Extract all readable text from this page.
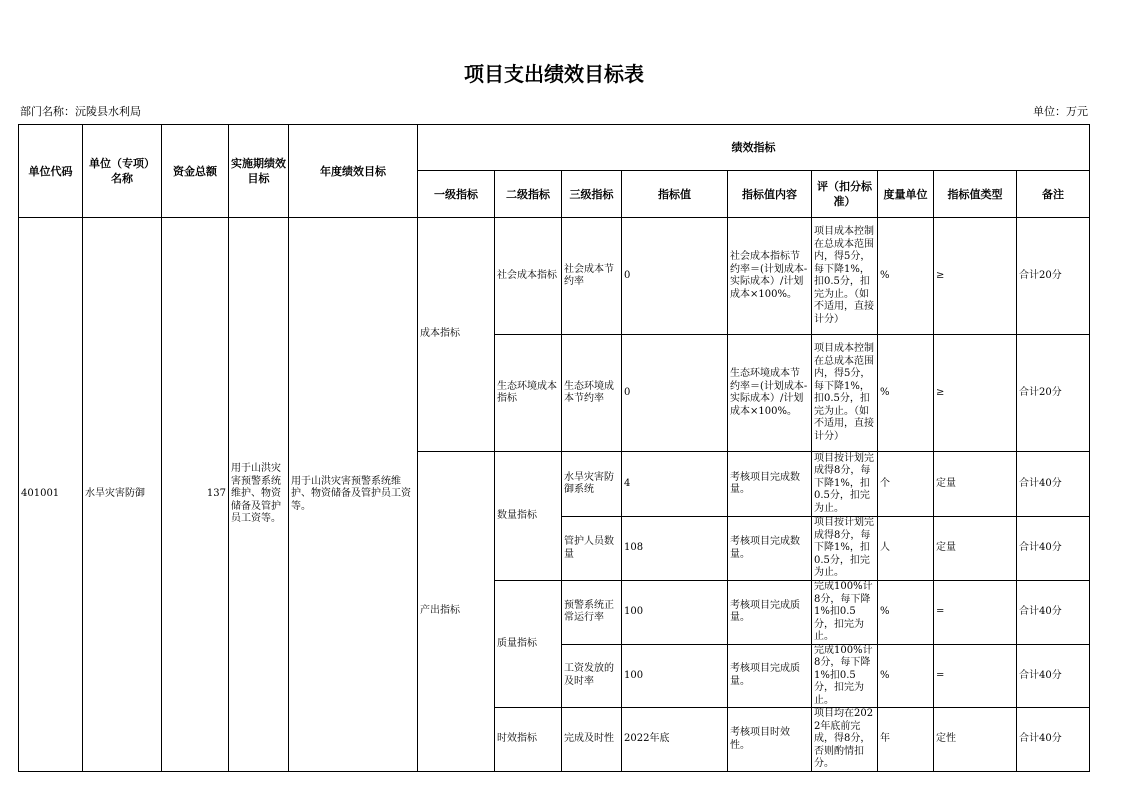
项目支出绩效目标表
部门名称：沅陵县水利局	单位：万元
单位代码	单位（专项）名称	资金总额	实施期绩效目标	年度绩效目标	绩效指标								
					一级指标	二级指标	三级指标	指标值	指标值内容	评（扣分标准）	度量单位	指标值类型	备注
401001	水旱灾害防御	137	用于山洪灾害预警系统维护、物资储备及管护员工资等。	用于山洪灾害预警系统维护、物资储备及管护员工资等。	成本指标	社会成本指标	社会成本节约率	0	社会成本指标节约率＝(计划成本-实际成本）/计划成本×100%。	项目成本控制在总成本范围内，得5分，每下降1%，扣0.5分，扣完为止。（如不适用，直接计分）	%	≥	合计20分
						生态环境成本指标	生态环境成本节约率	0	生态环境成本节约率＝(计划成本-实际成本）/计划成本×100%。	项目成本控制在总成本范围内，得5分，每下降1%，扣0.5分，扣完为止。（如不适用，直接计分）	%	≥	合计20分
					产出指标	数量指标	水旱灾害防御系统	4	考核项目完成数量。	项目按计划完成得8分，每下降1%，扣0.5分，扣完为止。	个	定量	合计40分
							管护人员数量	108	考核项目完成数量。	项目按计划完成得8分，每下降1%，扣0.5分，扣完为止。	人	定量	合计40分
						质量指标	预警系统正常运行率	100	考核项目完成质量。	完成100%计8分，每下降1%扣0.5分，扣完为止。	%	=	合计40分
							工资发放的及时率	100	考核项目完成质量。	完成100%计8分，每下降1%扣0.5分，扣完为止。	%	=	合计40分
						时效指标	完成及时性	2022年底	考核项目时效性。	项目均在2022年底前完成，得8分，否则酌情扣分。	年	定性	合计40分
